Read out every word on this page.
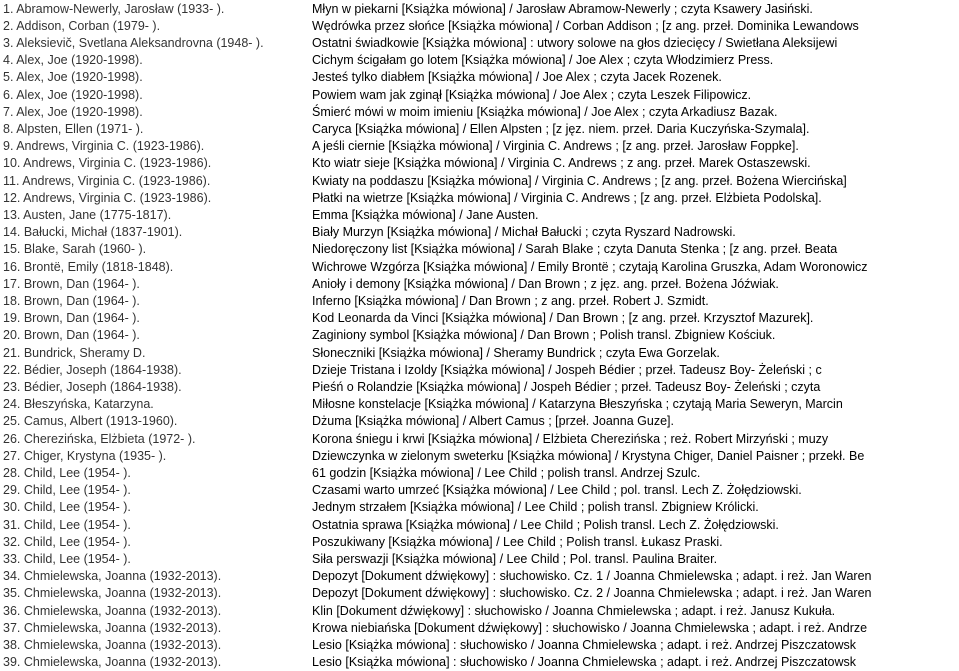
1. Abramow-Newerly, Jarosław (1933- ).	Młyn w piekarni [Książka mówiona] / Jarosław Abramow-Newerly ; czyta Ksawery Jasiński.
2. Addison, Corban (1979- ).	Wędrówka przez słońce [Książka mówiona] / Corban Addison ; [z ang. przeł. Dominika Lewandows
3. Aleksievič, Svetlana Aleksandrovna (1948- ).	Ostatni świadkowie [Książka mówiona] : utwory solowe na głos dziecięcy / Swietłana Aleksijewi
4. Alex, Joe (1920-1998).	Cichym ścigałam go lotem [Książka mówiona] / Joe Alex ; czyta Włodzimierz Press.
5. Alex, Joe (1920-1998).	Jesteś tylko diabłem [Książka mówiona] / Joe Alex ; czyta Jacek Rozenek.
6. Alex, Joe (1920-1998).	Powiem wam jak zginął [Książka mówiona] / Joe Alex ; czyta Leszek Filipowicz.
7. Alex, Joe (1920-1998).	Śmierć mówi w moim imieniu [Książka mówiona] / Joe Alex ; czyta Arkadiusz Bazak.
8. Alpsten, Ellen (1971- ).	Caryca [Książka mówiona] / Ellen Alpsten ; [z jęz. niem. przeł. Daria Kuczyńska-Szymala].
9. Andrews, Virginia C. (1923-1986).	A jeśli ciernie [Książka mówiona] / Virginia C. Andrews ; [z ang. przeł. Jarosław Foppke].
10. Andrews, Virginia C. (1923-1986).	Kto wiatr sieje [Książka mówiona] / Virginia C. Andrews ; z ang. przeł. Marek Ostaszewski.
11. Andrews, Virginia C. (1923-1986).	Kwiaty na poddaszu [Książka mówiona] / Virginia C. Andrews ; [z ang. przeł. Bożena Wiercińska]
12. Andrews, Virginia C. (1923-1986).	Płatki na wietrze [Książka mówiona] / Virginia C. Andrews ; [z ang. przeł. Elżbieta Podolska].
13. Austen, Jane (1775-1817).	Emma [Książka mówiona] / Jane Austen.
14. Bałucki, Michał (1837-1901).	Biały Murzyn [Książka mówiona] / Michał Bałucki ; czyta Ryszard Nadrowski.
15. Blake, Sarah (1960- ).	Niedoręczony list [Książka mówiona] / Sarah Blake ; czyta Danuta Stenka ; [z ang. przeł. Beata
16. Brontë, Emily (1818-1848).	Wichrowe Wzgórza [Książka mówiona] / Emily Brontë ; czytają Karolina Gruszka, Adam Woronowicz
17. Brown, Dan (1964- ).	Anioły i demony [Książka mówiona] / Dan Brown ; z jęz. ang. przeł. Bożena Jóźwiak.
18. Brown, Dan (1964- ).	Inferno [Książka mówiona] / Dan Brown ; z ang. przeł. Robert J. Szmidt.
19. Brown, Dan (1964- ).	Kod Leonarda da Vinci [Książka mówiona] / Dan Brown ; [z ang. przeł. Krzysztof Mazurek].
20. Brown, Dan (1964- ).	Zaginiony symbol [Książka mówiona] / Dan Brown ; Polish transl. Zbigniew Kościuk.
21. Bundrick, Sheramy D.	Słoneczniki [Książka mówiona] / Sheramy Bundrick ; czyta Ewa Gorzelak.
22. Bédier, Joseph (1864-1938).	Dzieje Tristana i Izoldy [Książka mówiona] / Jospeh Bédier ; przeł. Tadeusz Boy- Żeleński ; c
23. Bédier, Joseph (1864-1938).	Pieśń o Rolandzie [Książka mówiona] / Jospeh Bédier ; przeł. Tadeusz Boy- Żeleński ; czyta
24. Błeszyńska, Katarzyna.	Miłosne konstelacje [Książka mówiona] / Katarzyna Błeszyńska ; czytają Maria Seweryn, Marcin
25. Camus, Albert (1913-1960).	Dżuma [Książka mówiona] / Albert Camus ; [przeł. Joanna Guze].
26. Cherezińska, Elżbieta (1972- ).	Korona śniegu i krwi [Książka mówiona] / Elżbieta Cherezińska ; reż. Robert Mirzyński ; muzy
27. Chiger, Krystyna (1935- ).	Dziewczynka w zielonym sweterku [Książka mówiona] / Krystyna Chiger, Daniel Paisner ; przekł. Be
28. Child, Lee (1954- ).	61 godzin [Książka mówiona] / Lee Child ; polish transl. Andrzej Szulc.
29. Child, Lee (1954- ).	Czasami warto umrzeć [Książka mówiona] / Lee Child ; pol. transl. Lech Z. Żołędziowski.
30. Child, Lee (1954- ).	Jednym strzałem [Książka mówiona] / Lee Child ; polish transl. Zbigniew Królicki.
31. Child, Lee (1954- ).	Ostatnia sprawa [Książka mówiona] / Lee Child ; Polish transl. Lech Z. Żołędziowski.
32. Child, Lee (1954- ).	Poszukiwany [Książka mówiona] / Lee Child ; Polish transl. Łukasz Praski.
33. Child, Lee (1954- ).	Siła perswazji [Książka mówiona] / Lee Child ; Pol. transl. Paulina Braiter.
34. Chmielewska, Joanna (1932-2013).	Depozyt [Dokument dźwiękowy] : słuchowisko. Cz. 1 / Joanna Chmielewska ; adapt. i reż. Jan Waren
35. Chmielewska, Joanna (1932-2013).	Depozyt [Dokument dźwiękowy] : słuchowisko. Cz. 2 / Joanna Chmielewska ; adapt. i reż. Jan Waren
36. Chmielewska, Joanna (1932-2013).	Klin [Dokument dźwiękowy] : słuchowisko / Joanna Chmielewska ; adapt. i reż. Janusz Kukuła.
37. Chmielewska, Joanna (1932-2013).	Krowa niebiańska [Dokument dźwiękowy] : słuchowisko / Joanna Chmielewska ; adapt. i reż. Andrze
38. Chmielewska, Joanna (1932-2013).	Lesio [Książka mówiona] : słuchowisko / Joanna Chmielewska ; adapt. i reż. Andrzej Piszczatowsk
39. Chmielewska, Joanna (1932-2013).	Lesio [Książka mówiona] : słuchowisko / Joanna Chmielewska ; adapt. i reż. Andrzej Piszczatowsk
